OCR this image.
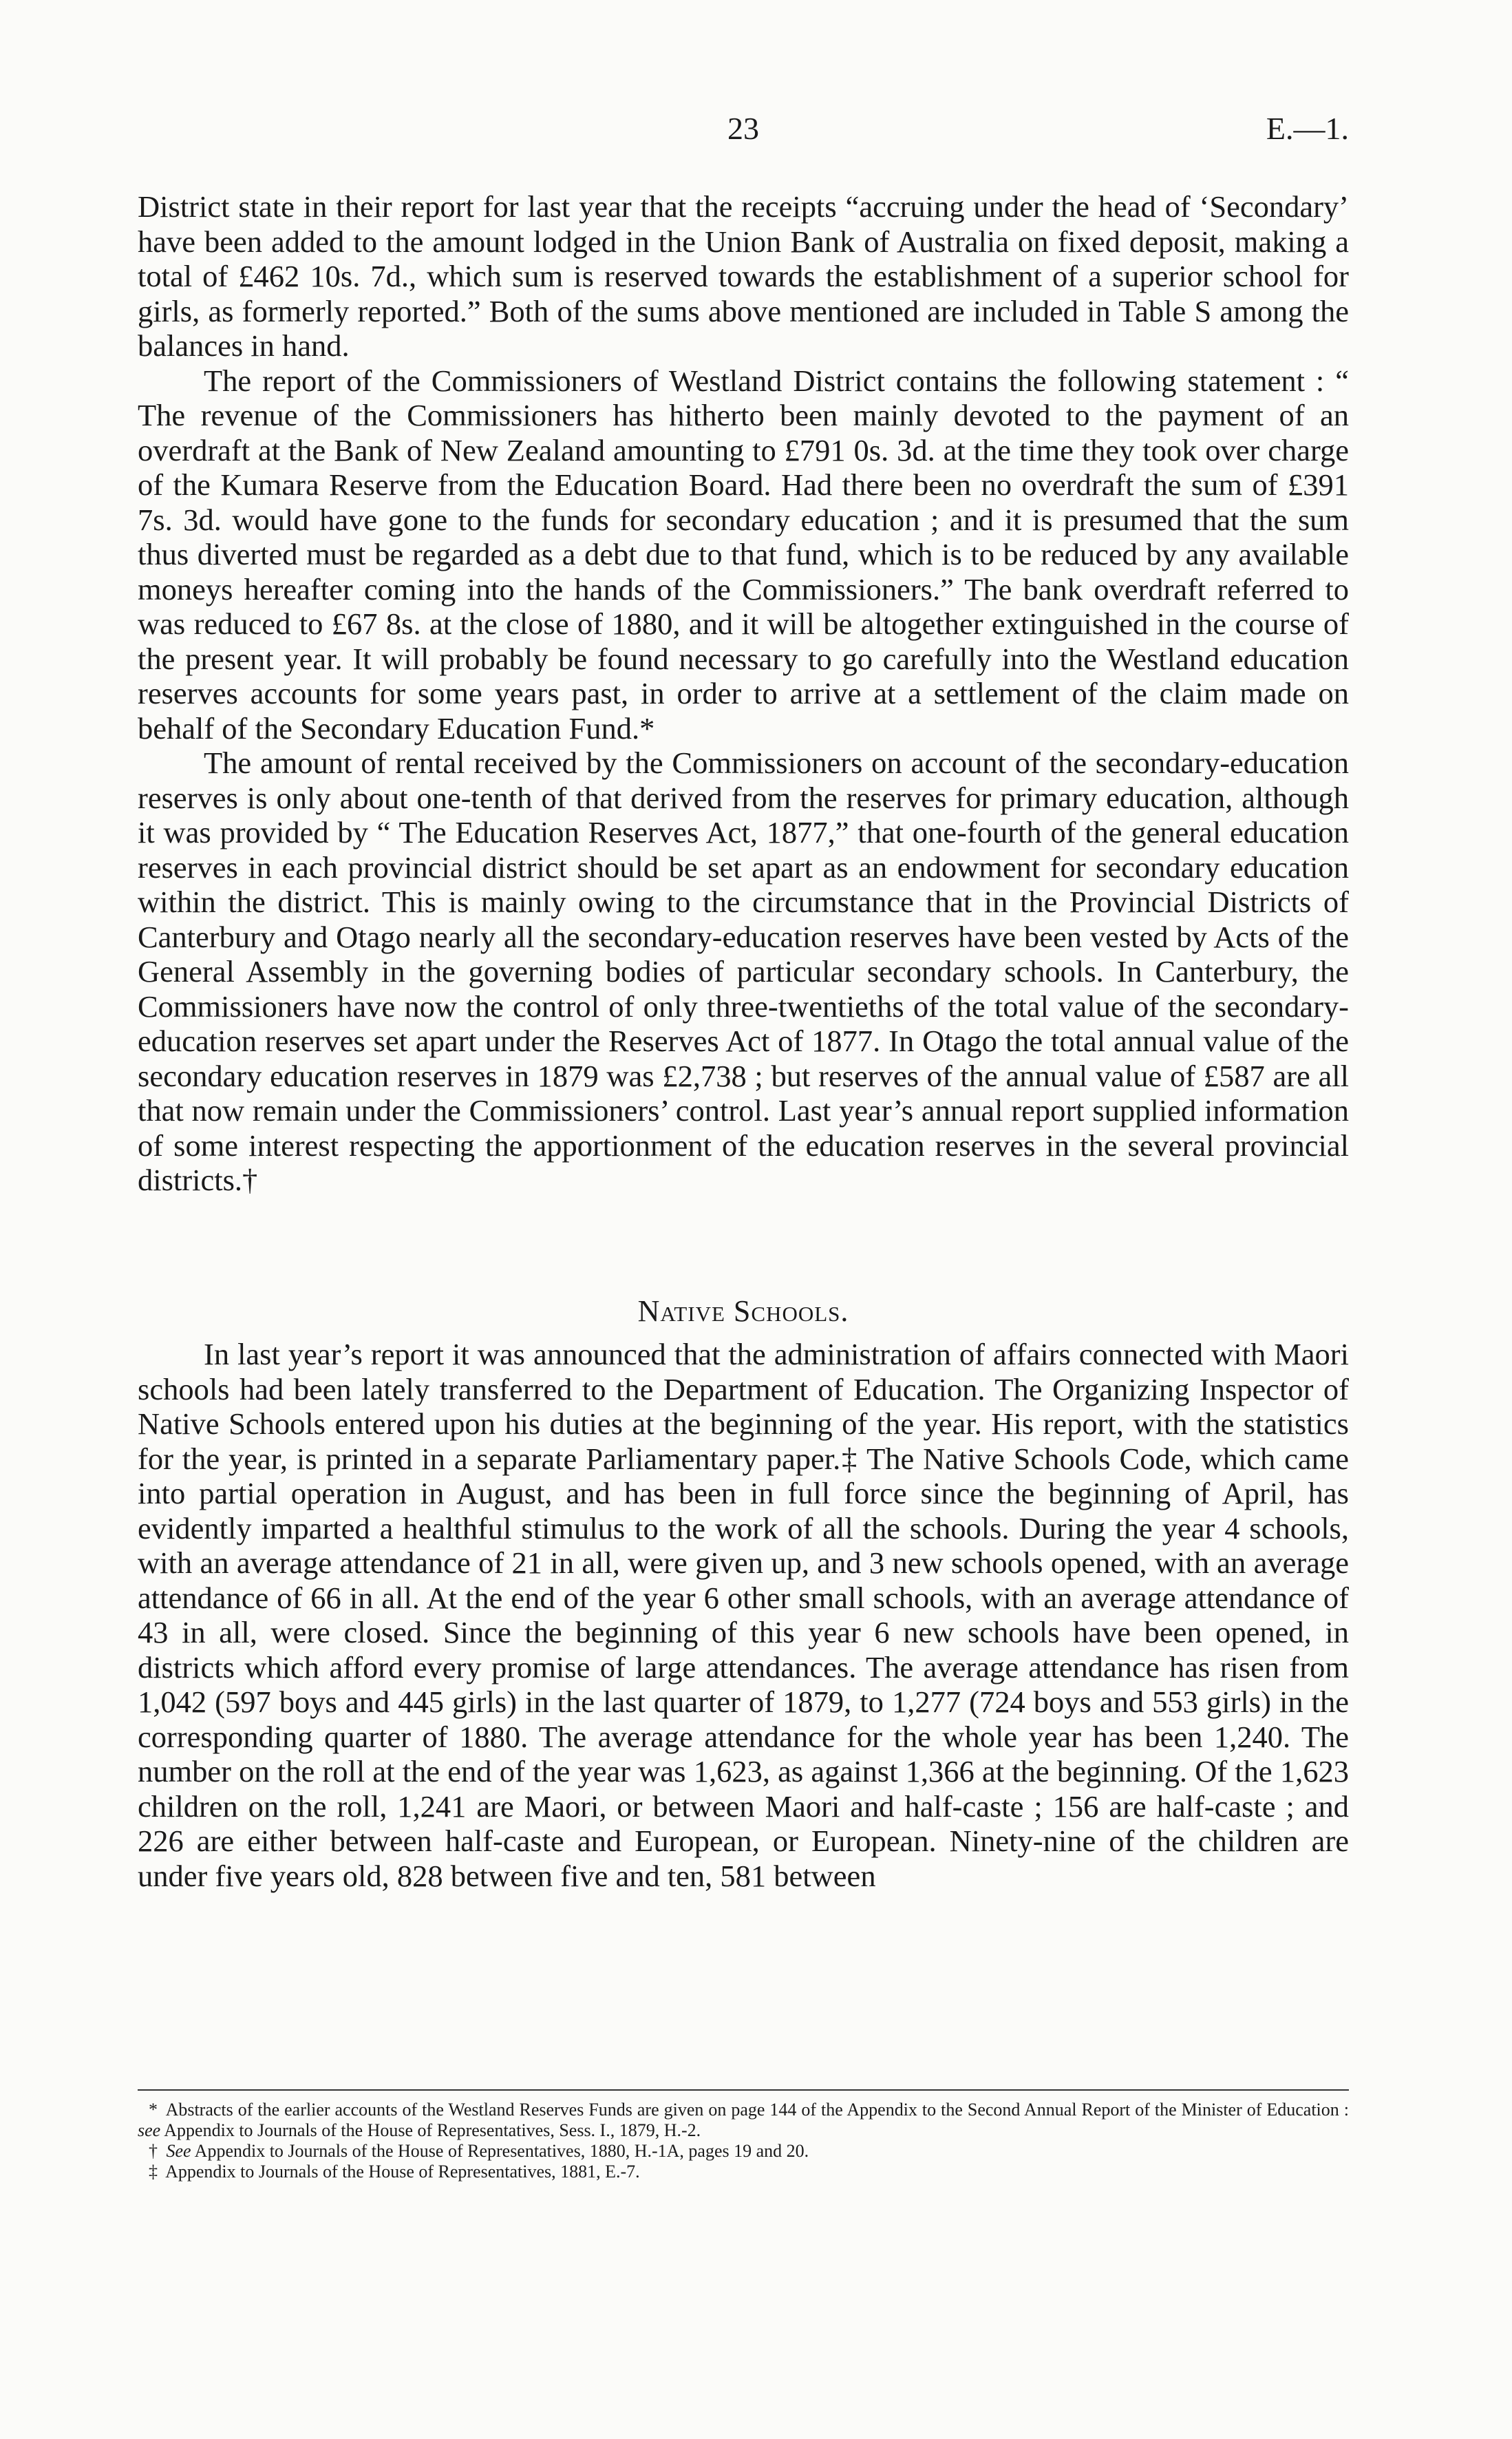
23	E.—1.

District state in their report for last year that the receipts “accruing under the head of ‘Secondary’ have been added to the amount lodged in the Union Bank of Australia on fixed deposit, making a total of £462 10s. 7d., which sum is reserved towards the establishment of a superior school for girls, as formerly reported.” Both of the sums above mentioned are included in Table S among the balances in hand.

The report of the Commissioners of Westland District contains the following statement : “ The revenue of the Commissioners has hitherto been mainly devoted to the payment of an overdraft at the Bank of New Zealand amounting to £791 0s. 3d. at the time they took over charge of the Kumara Reserve from the Education Board. Had there been no overdraft the sum of £391 7s. 3d. would have gone to the funds for secondary education ; and it is presumed that the sum thus diverted must be regarded as a debt due to that fund, which is to be reduced by any available moneys hereafter coming into the hands of the Commissioners.” The bank overdraft referred to was reduced to £67 8s. at the close of 1880, and it will be altogether extinguished in the course of the present year. It will probably be found necessary to go carefully into the Westland education reserves accounts for some years past, in order to arrive at a settlement of the claim made on behalf of the Secondary Education Fund.*

The amount of rental received by the Commissioners on account of the secondary-education reserves is only about one-tenth of that derived from the reserves for primary education, although it was provided by “ The Education Reserves Act, 1877,” that one-fourth of the general education reserves in each provincial district should be set apart as an endowment for secondary education within the district. This is mainly owing to the circumstance that in the Provincial Districts of Canterbury and Otago nearly all the secondary-education reserves have been vested by Acts of the General Assembly in the governing bodies of particular secondary schools. In Canterbury, the Commissioners have now the control of only three-twentieths of the total value of the secondary-education reserves set apart under the Reserves Act of 1877. In Otago the total annual value of the secondary education reserves in 1879 was £2,738 ; but reserves of the annual value of £587 are all that now remain under the Commissioners’ control. Last year’s annual report supplied information of some interest respecting the apportionment of the education reserves in the several provincial districts.†

Native Schools.

In last year’s report it was announced that the administration of affairs connected with Maori schools had been lately transferred to the Department of Education. The Organizing Inspector of Native Schools entered upon his duties at the beginning of the year. His report, with the statistics for the year, is printed in a separate Parliamentary paper.‡ The Native Schools Code, which came into partial operation in August, and has been in full force since the beginning of April, has evidently imparted a healthful stimulus to the work of all the schools. During the year 4 schools, with an average attendance of 21 in all, were given up, and 3 new schools opened, with an average attendance of 66 in all. At the end of the year 6 other small schools, with an average attendance of 43 in all, were closed. Since the beginning of this year 6 new schools have been opened, in districts which afford every promise of large attendances. The average attendance has risen from 1,042 (597 boys and 445 girls) in the last quarter of 1879, to 1,277 (724 boys and 553 girls) in the corresponding quarter of 1880. The average attendance for the whole year has been 1,240. The number on the roll at the end of the year was 1,623, as against 1,366 at the beginning. Of the 1,623 children on the roll, 1,241 are Maori, or between Maori and half-caste ; 156 are half-caste ; and 226 are either between half-caste and European, or European. Ninety-nine of the children are under five years old, 828 between five and ten, 581 between

* Abstracts of the earlier accounts of the Westland Reserves Funds are given on page 144 of the Appendix to the Second Annual Report of the Minister of Education : see Appendix to Journals of the House of Representatives, Sess. I., 1879, H.-2.

† See Appendix to Journals of the House of Representatives, 1880, H.-1A, pages 19 and 20.

‡ Appendix to Journals of the House of Representatives, 1881, E.-7.
